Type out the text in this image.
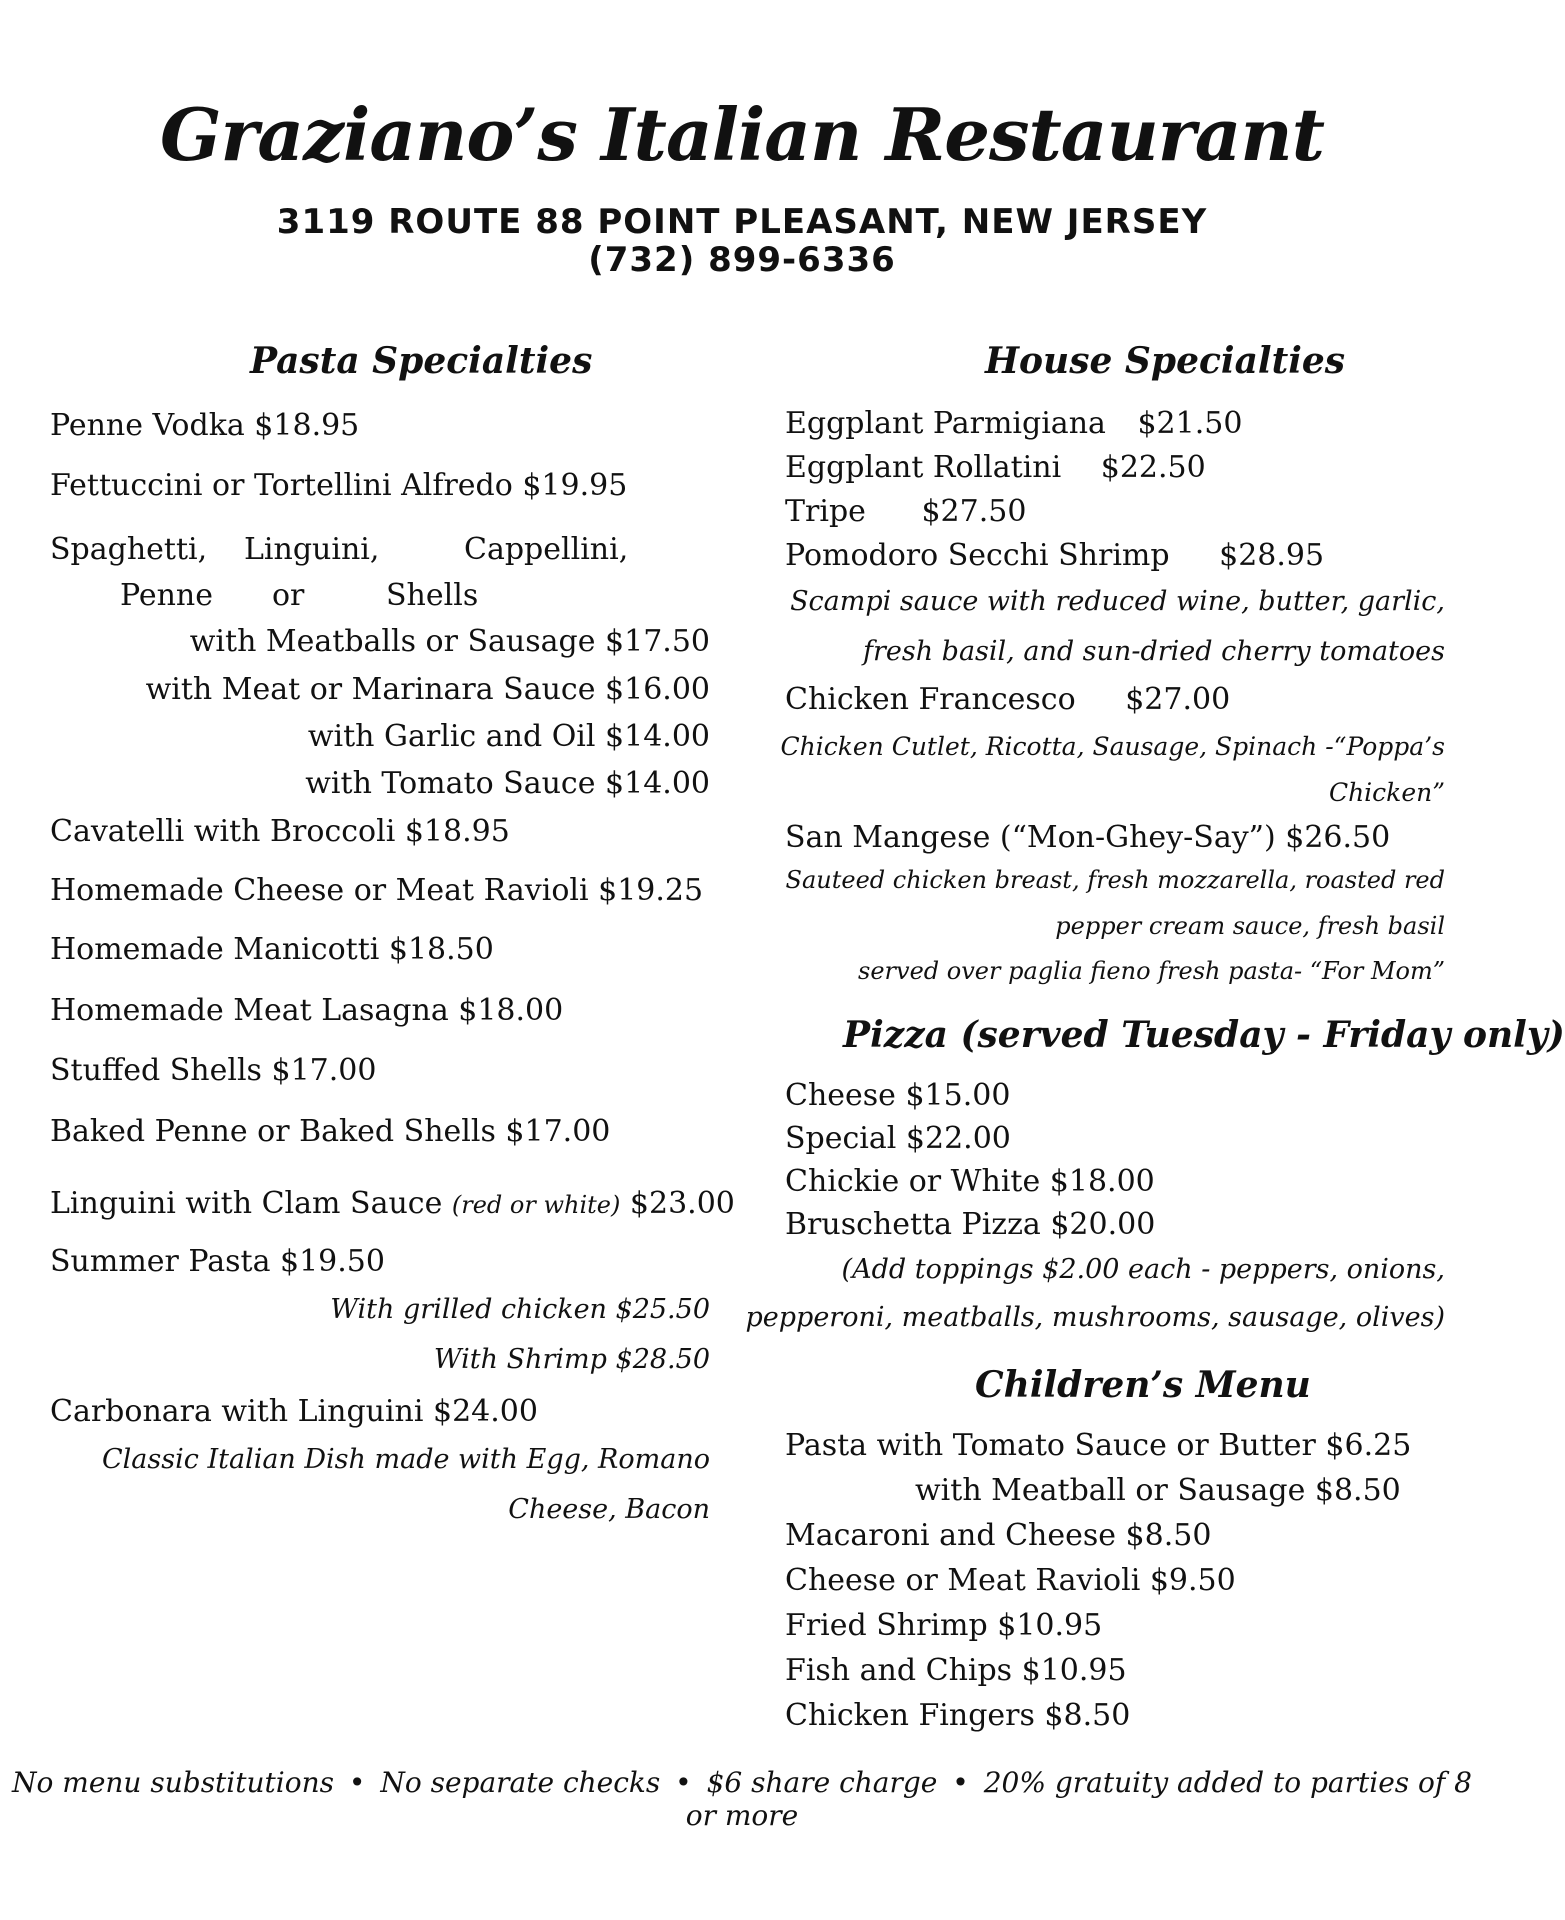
Graziano’s Italian Restaurant
3119 ROUTE 88 POINT PLEASANT, NEW JERSEY
(732) 899-6336
Pasta Specialties
Penne Vodka $18.95
Fettuccini or Tortellini Alfredo $19.95
Spaghetti, Linguini,	Cappellini,
Penne or	Shells
with Meatballs or Sausage $17.50
with Meat or Marinara Sauce $16.00
with Garlic and Oil $14.00
with Tomato Sauce $14.00
Cavatelli with Broccoli $18.95
Homemade Cheese or Meat Ravioli $19.25
Homemade Manicotti $18.50
Homemade Meat Lasagna $18.00
Stuffed Shells $17.00
Baked Penne or Baked Shells $17.00
Linguini with Clam Sauce (red or white) $23.00
Summer Pasta $19.50
With grilled chicken $25.50
With Shrimp $28.50
Carbonara with Linguini $24.00
Classic Italian Dish made with Egg, Romano
Cheese, Bacon
House Specialties
Eggplant Parmigiana $21.50
Eggplant Rollatini $22.50
Tripe $27.50
Pomodoro Secchi Shrimp $28.95
Scampi sauce with reduced wine, butter, garlic,
fresh basil, and sun-dried cherry tomatoes
Chicken Francesco $27.00
Chicken Cutlet, Ricotta, Sausage, Spinach -“Poppa’s
Chicken”
San Mangese (“Mon-Ghey-Say”) $26.50
Sauteed chicken breast, fresh mozzarella, roasted red
pepper cream sauce, fresh basil
served over paglia fieno fresh pasta- “For Mom”
Pizza (served Tuesday - Friday only)
Cheese $15.00
Special $22.00
Chickie or White $18.00
Bruschetta Pizza $20.00
(Add toppings $2.00 each - peppers, onions,
pepperoni, meatballs, mushrooms, sausage, olives)
Children’s Menu
Pasta with Tomato Sauce or Butter $6.25
with Meatball or Sausage $8.50
Macaroni and Cheese $8.50
Cheese or Meat Ravioli $9.50
Fried Shrimp $10.95
Fish and Chips $10.95
Chicken Fingers $8.50
No menu substitutions • No separate checks • $6 share charge • 20% gratuity added to parties of 8 or more
